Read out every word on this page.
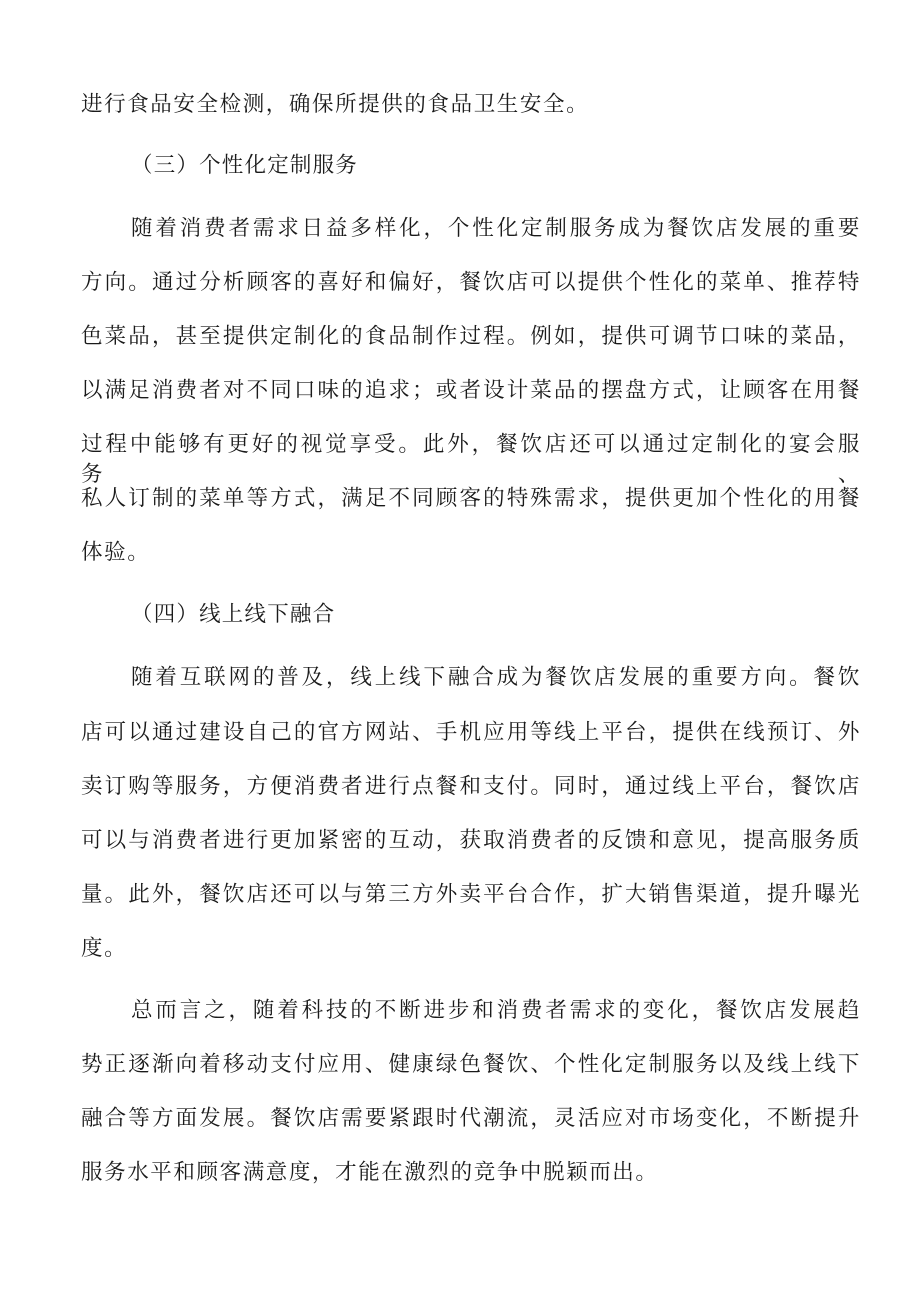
进行食品安全检测，确保所提供的食品卫生安全。
（三）个性化定制服务
随着消费者需求日益多样化，个性化定制服务成为餐饮店发展的重要
方向。通过分析顾客的喜好和偏好，餐饮店可以提供个性化的菜单、推荐特
色菜品，甚至提供定制化的食品制作过程。例如，提供可调节口味的菜品，
以满足消费者对不同口味的追求；或者设计菜品的摆盘方式，让顾客在用餐
过程中能够有更好的视觉享受。此外，餐饮店还可以通过定制化的宴会服务、
私人订制的菜单等方式，满足不同顾客的特殊需求，提供更加个性化的用餐
体验。
（四）线上线下融合
随着互联网的普及，线上线下融合成为餐饮店发展的重要方向。餐饮
店可以通过建设自己的官方网站、手机应用等线上平台，提供在线预订、外
卖订购等服务，方便消费者进行点餐和支付。同时，通过线上平台，餐饮店
可以与消费者进行更加紧密的互动，获取消费者的反馈和意见，提高服务质
量。此外，餐饮店还可以与第三方外卖平台合作，扩大销售渠道，提升曝光
度。
总而言之，随着科技的不断进步和消费者需求的变化，餐饮店发展趋
势正逐渐向着移动支付应用、健康绿色餐饮、个性化定制服务以及线上线下
融合等方面发展。餐饮店需要紧跟时代潮流，灵活应对市场变化，不断提升
服务水平和顾客满意度，才能在激烈的竞争中脱颖而出。
